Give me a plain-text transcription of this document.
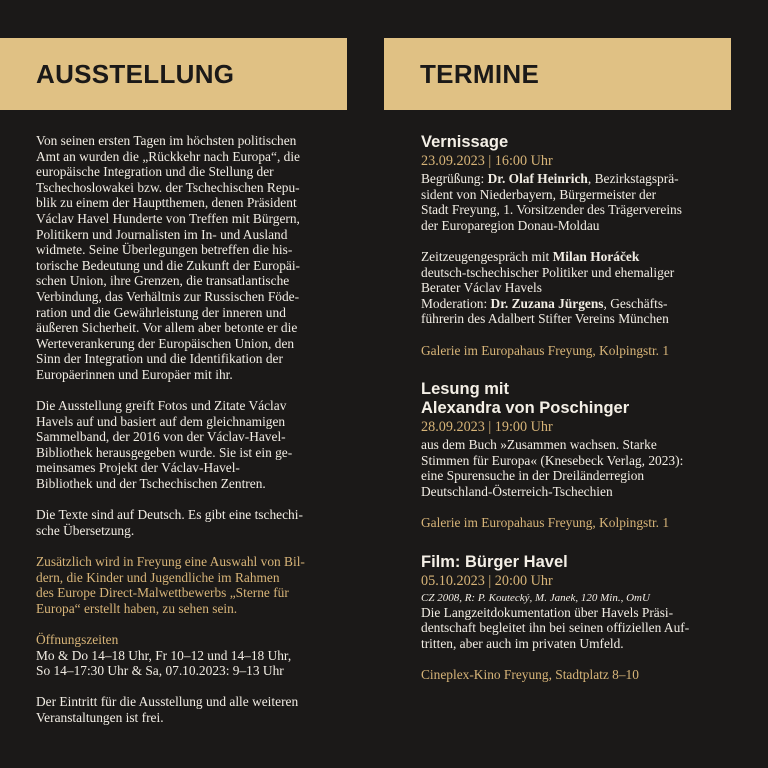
AUSSTELLUNG	TERMINE

Von seinen ersten Tagen im höchsten politischen
Amt an wurden die „Rückkehr nach Europa“, die
europäische Integration und die Stellung der
Tschechoslowakei bzw. der Tschechischen Repu-
blik zu einem der Hauptthemen, denen Präsident
Václav Havel Hunderte von Treffen mit Bürgern,
Politikern und Journalisten im In- und Ausland
widmete. Seine Überlegungen betreffen die his-
torische Bedeutung und die Zukunft der Europäi-
schen Union, ihre Grenzen, die transatlantische
Verbindung, das Verhältnis zur Russischen Föde-
ration und die Gewährleistung der inneren und
äußeren Sicherheit. Vor allem aber betonte er die
Werteverankerung der Europäischen Union, den
Sinn der Integration und die Identifikation der
Europäerinnen und Europäer mit ihr.

Die Ausstellung greift Fotos und Zitate Václav
Havels auf und basiert auf dem gleichnamigen
Sammelband, der 2016 von der Václav-Havel-
Bibliothek herausgegeben wurde. Sie ist ein ge-
meinsames Projekt der Václav-Havel-
Bibliothek und der Tschechischen Zentren.

Die Texte sind auf Deutsch. Es gibt eine tschechi-
sche Übersetzung.

Zusätzlich wird in Freyung eine Auswahl von Bil-
dern, die Kinder und Jugendliche im Rahmen
des Europe Direct-Malwettbewerbs „Sterne für
Europa“ erstellt haben, zu sehen sein.

Öffnungszeiten

Mo & Do 14–18 Uhr, Fr 10–12 und 14–18 Uhr,
So 14–17:30 Uhr & Sa, 07.10.2023: 9–13 Uhr

Der Eintritt für die Ausstellung und alle weiteren
Veranstaltungen ist frei.

Vernissage

23.09.2023 | 16:00 Uhr

Begrüßung: Dr. Olaf Heinrich, Bezirkstagsprä-
sident von Niederbayern, Bürgermeister der
Stadt Freyung, 1. Vorsitzender des Trägervereins
der Europaregion Donau-Moldau

Zeitzeugengespräch mit Milan Horáček
deutsch-tschechischer Politiker und ehemaliger
Berater Václav Havels
Moderation: Dr. Zuzana Jürgens, Geschäfts-
führerin des Adalbert Stifter Vereins München

Galerie im Europahaus Freyung, Kolpingstr. 1

Lesung mit
Alexandra von Poschinger

28.09.2023 | 19:00 Uhr

aus dem Buch »Zusammen wachsen. Starke
Stimmen für Europa« (Knesebeck Verlag, 2023):
eine Spurensuche in der Dreiländerregion
Deutschland-Österreich-Tschechien

Galerie im Europahaus Freyung, Kolpingstr. 1

Film: Bürger Havel

05.10.2023 | 20:00 Uhr

CZ 2008, R: P. Koutecký, M. Janek, 120 Min., OmU

Die Langzeitdokumentation über Havels Präsi-
dentschaft begleitet ihn bei seinen offiziellen Auf-
tritten, aber auch im privaten Umfeld.

Cineplex-Kino Freyung, Stadtplatz 8–10
